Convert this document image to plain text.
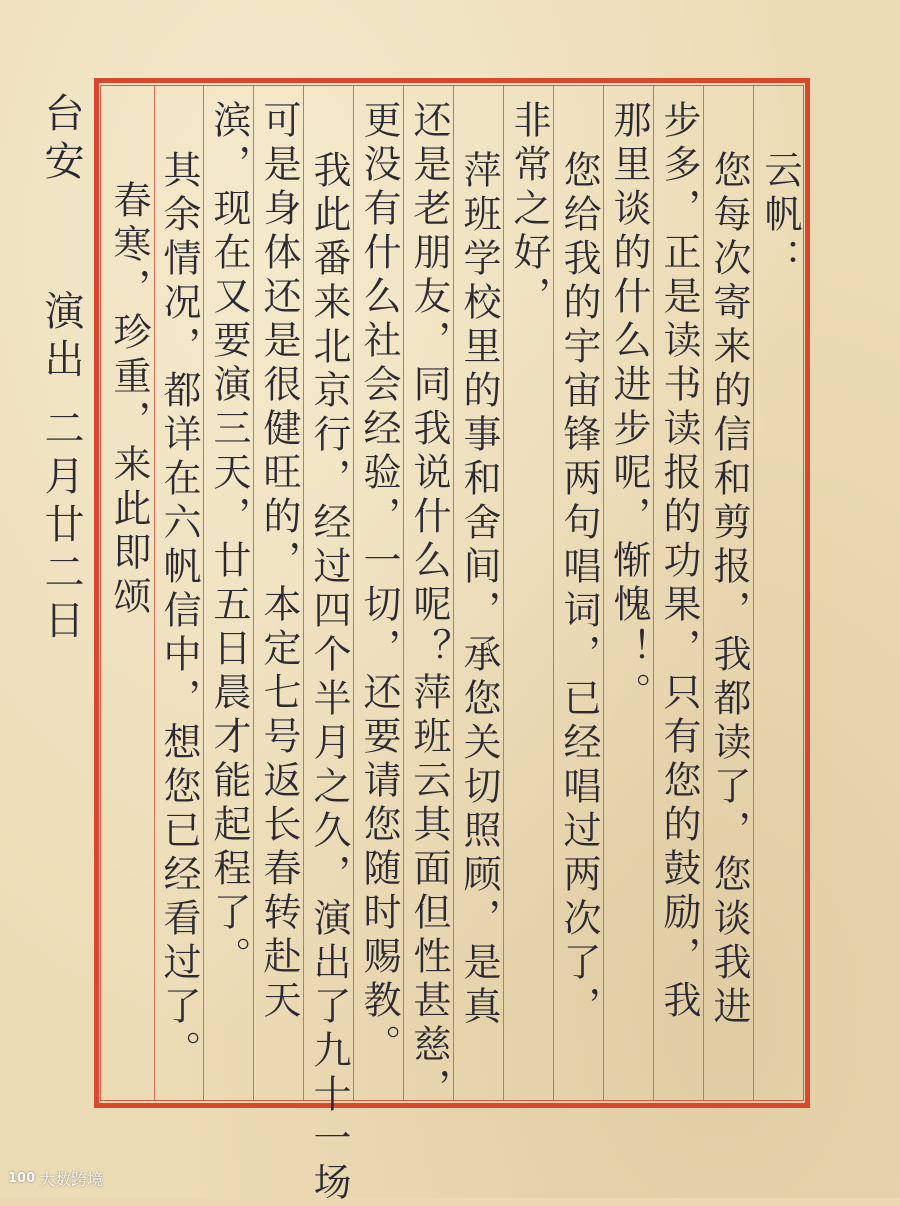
云帆：
您每次寄来的信和剪报，我都读了，您谈我进
步多，正是读书读报的功果，只有您的鼓励，我
那里谈的什么进步呢，惭愧！。
您给我的宇宙锋两句唱词，已经唱过两次了，
非常之好，
萍班学校里的事和舍间，承您关切照顾，是真
还是老朋友，同我说什么呢？萍班云其面但性甚慈，
更没有什么社会经验，一切，还要请您随时赐教。
我此番来北京行，经过四个半月之久，演出了九十一场
可是身体还是很健旺的，本定七号返长春转赴天
滨，现在又要演三天，廿五日晨才能起程了。
其余情况，都详在六帆信中，想您已经看过了。
春寒，珍重，来此即颂
台安
演出 二月廿二日
100 大数跨境
